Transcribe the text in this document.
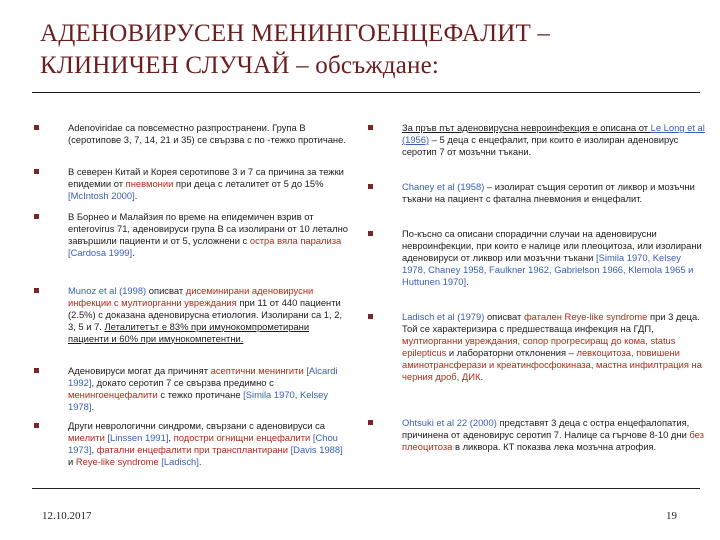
АДЕНОВИРУСЕН МЕНИНГОЕНЦЕФАЛИТ –
КЛИНИЧЕН СЛУЧАЙ – обсъждане:
Adenoviridae са повсеместно разпространени. Група В (серотипове 3, 7, 14, 21 и 35) се свързва с по -тежко протичане.
В северен Китай и Корея серотипове 3 и 7 са причина за тежки епидемии от пневмонии при деца с леталитет от 5 до 15% [McIntosh 2000].
В Борнео и Малайзия по време на епидемичен взрив от enterovirus 71, аденовируси група В са изолирани от 10 летално завършили пациенти и от 5, усложнени с остра вяла парализа [Cardosa 1999].
Munoz et al (1998) описват дисеминирани аденовирусни инфекции с мултиорганни увреждания при 11 от 440 пациенти (2.5%) с доказана аденовирусна етиология. Изолирани са 1, 2, 3, 5 и 7. Леталитетът е 83% при имунокомпрометирани пациенти и 60% при имунокомпетентни.
Аденовируси могат да причинят асептични менингити [Alcardi 1992], докато серотип 7 се свързва предимно с менингоенцефалити с тежко протичане [Simila 1970, Kelsey 1978].
Други неврологични синдроми, свързани с аденовируси са миелити [Linssen 1991], подостри огнищни енцефалити [Chou 1973], фатални енцефалити при трансплантирани [Davis 1988] и Reye-like syndrome [Ladisch].
За пръв път аденовирусна невроинфекция е описана от Le Long et al (1956) – 5 деца с енцефалит, при които е изолиран аденовирус серотип 7 от мозъчни тъкани.
Chaney et al (1958) – изолират същия серотип от ликвор и мозъчни тъкани на пациент с фатална пневмония и енцефалит.
По-късно са описани спорадични случаи на аденовирусни невроинфекции, при които е налице или плеоцитоза, или изолирани аденовируси от ликвор или мозъчни тъкани [Simila 1970, Kelsey 1978, Chaney 1958, Faulkner 1962, Gabrielson 1966, Klemola 1965 и Huttunen 1970].
Ladisch et al (1979) описват фатален Reye-like syndrome при 3 деца. Той се характеризира с предшестваща инфекция на ГДП, мултиорганни увреждания, сопор прогресиращ до кома, status epilepticus и лабораторни отклонения – левкоцитоза, повишени аминотрансферази и креатинфосфокиназа, мастна инфилтрация на черния дроб, ДИК.
Ohtsuki et al 22 (2000) представят 3 деца с остра енцефалопатия, причинена от аденовирус серотип 7. Налице са гърчове 8-10 дни без плеоцитоза в ликвора. КТ показва лека мозъчна атрофия.
12.10.2017	19
